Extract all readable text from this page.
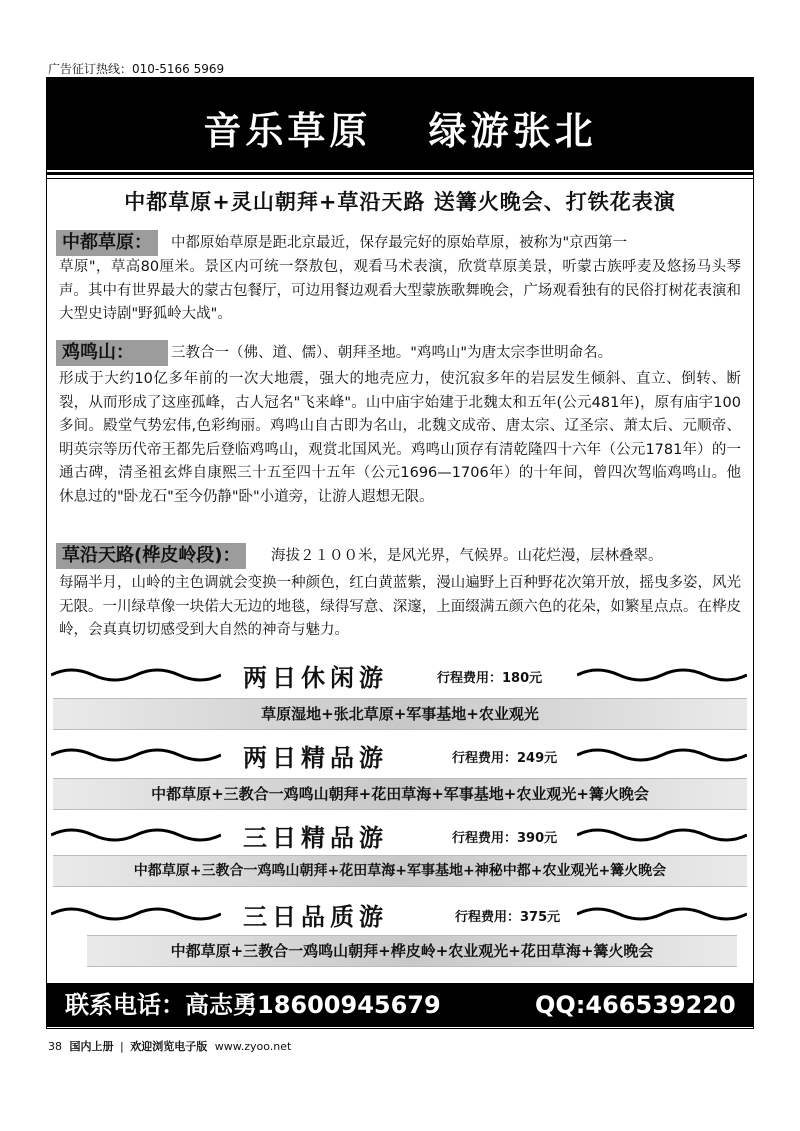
广告征订热线：010-5166 5969
音乐草原 绿游张北
中都草原+灵山朝拜+草沿天路 送篝火晚会、打铁花表演
中都草原：	中都原始草原是距北京最近，保存最完好的原始草原，被称为"京西第一
草原"，草高80厘米。景区内可统一祭敖包，观看马术表演，欣赏草原美景，听蒙古族呼麦及悠扬马头琴声。其中有世界最大的蒙古包餐厅，可边用餐边观看大型蒙族歌舞晚会，广场观看独有的民俗打树花表演和大型史诗剧"野狐岭大战"。
鸡鸣山：	三教合一（佛、道、儒）、朝拜圣地。"鸡鸣山"为唐太宗李世明命名。
形成于大约10亿多年前的一次大地震，强大的地壳应力，使沉寂多年的岩层发生倾斜、直立、倒转、断裂，从而形成了这座孤峰，古人冠名"飞来峰"。山中庙宇始建于北魏太和五年(公元481年)，原有庙宇100多间。殿堂气势宏伟,色彩绚丽。鸡鸣山自古即为名山，北魏文成帝、唐太宗、辽圣宗、萧太后、元顺帝、明英宗等历代帝王都先后登临鸡鸣山，观赏北国风光。鸡鸣山顶存有清乾隆四十六年（公元1781年）的一通古碑，清圣祖玄烨自康熙三十五至四十五年（公元1696—1706年）的十年间，曾四次驾临鸡鸣山。他休息过的"卧龙石"至今仍静"卧"小道旁，让游人遐想无限。
草沿天路(桦皮岭段)：	海拔２１００米，是风光界，气候界。山花烂漫，层林叠翠。
每隔半月，山岭的主色调就会变换一种颜色，红白黄蓝紫，漫山遍野上百种野花次第开放，摇曳多姿，风光无限。一川绿草像一块偌大无边的地毯，绿得写意、深邃，上面缀满五颜六色的花朵，如繁星点点。在桦皮岭，会真真切切感受到大自然的神奇与魅力。
两日休闲游	行程费用：180元
草原湿地+张北草原+军事基地+农业观光
两日精品游	行程费用：249元
中都草原+三教合一鸡鸣山朝拜+花田草海+军事基地+农业观光+篝火晚会
三日精品游	行程费用：390元
中都草原+三教合一鸡鸣山朝拜+花田草海+军事基地+神秘中都+农业观光+篝火晚会
三日品质游	行程费用：375元
中都草原+三教合一鸡鸣山朝拜+桦皮岭+农业观光+花田草海+篝火晚会
联系电话：高志勇18600945679	QQ:466539220
38 国内上册 | 欢迎浏览电子版 www.zyoo.net
